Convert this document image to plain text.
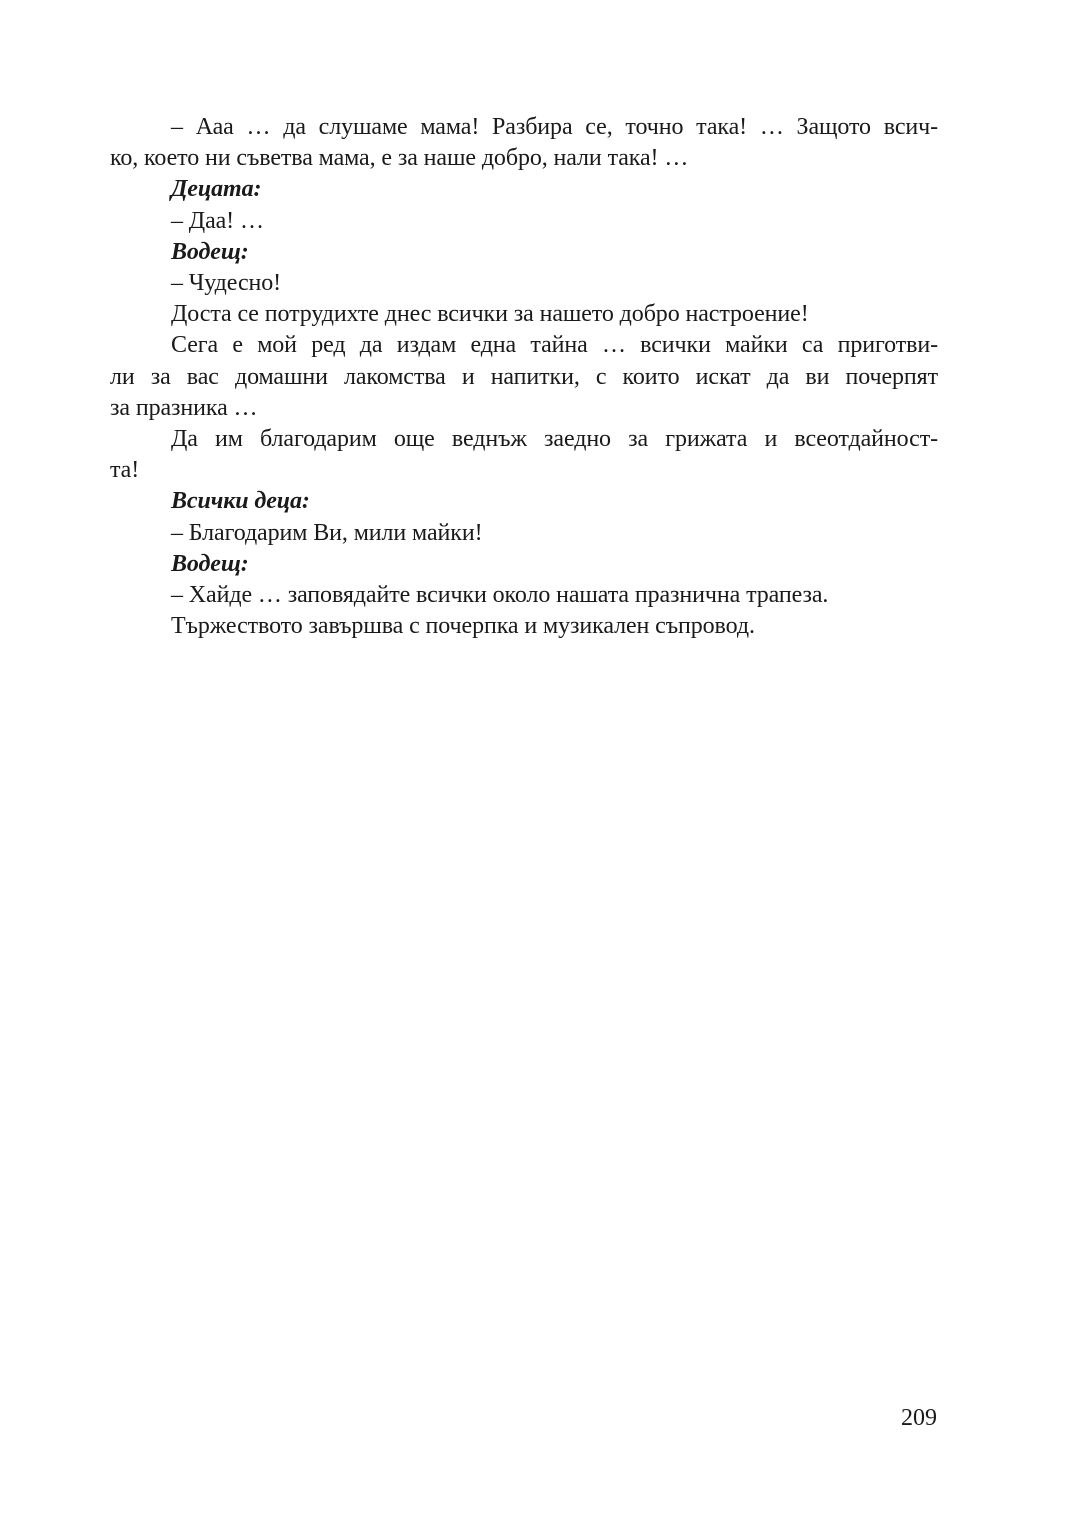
– Ааа … да слушаме мама! Разбира се, точно така! … Защото всич-
ко, което ни съветва мама, е за наше добро, нали така! …
Децата:
– Даа! …
Водещ:
– Чудесно!
Доста се потрудихте днес всички за нашето добро настроение!
Сега е мой ред да издам една тайна … всички майки са приготви-
ли за вас домашни лакомства и напитки, с които искат да ви почерпят
за празника …
Да им благодарим още веднъж заедно за грижата и всеотдайност-
та!
Всички деца:
– Благодарим Ви, мили майки!
Водещ:
– Хайде … заповядайте всички около нашата празнична трапеза.
Тържеството завършва с почерпка и музикален съпровод.
209
